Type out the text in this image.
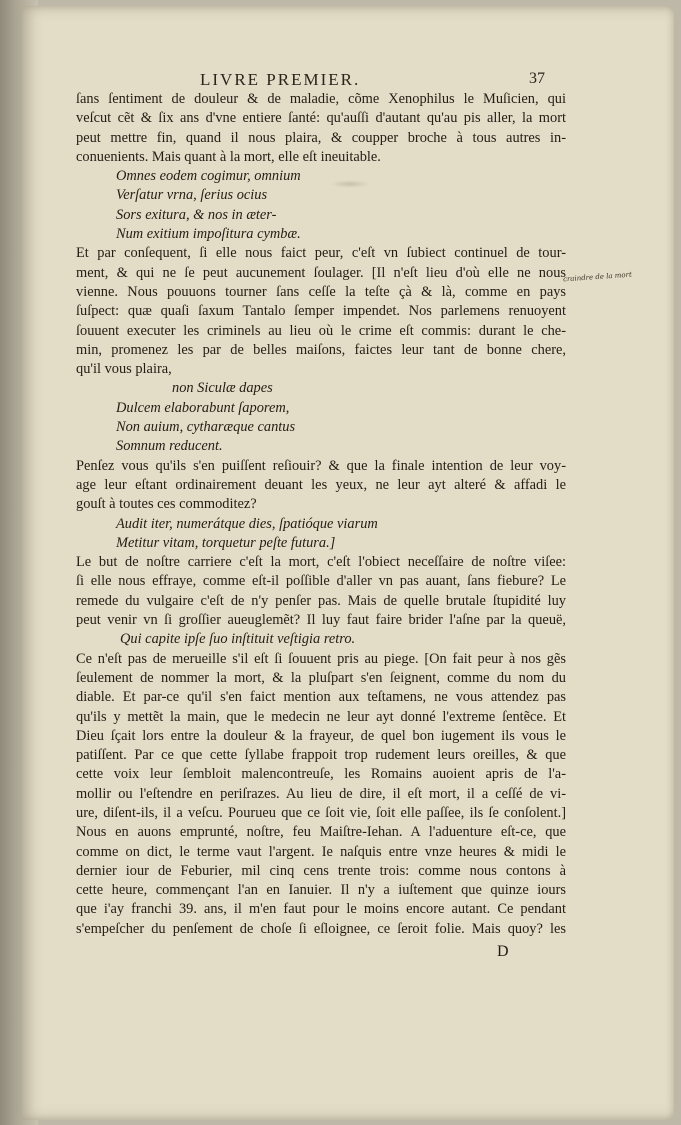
LIVRE PREMIER.	37
ſans ſentiment de douleur & de maladie, cõme Xenophilus le Muſicien, qui
veſcut cẽt & ſix ans d'vne entiere ſanté: qu'auſſi d'autant qu'au pis aller, la mort
peut mettre fin, quand il nous plaira, & coupper broche à tous autres in-
conuenients. Mais quant à la mort, elle eſt ineuitable.
Omnes eodem cogimur, omnium
Verſatur vrna, ſerius ocius
Sors exitura, & nos in æter-
Num exitium impoſitura cymbæ.
Et par conſequent, ſi elle nous faict peur, c'eſt vn ſubiect continuel de tour-
ment, & qui ne ſe peut aucunement ſoulager. [Il n'eſt lieu d'où elle ne nous
vienne. Nous pouuons tourner ſans ceſſe la teſte çà & là, comme en pays
ſuſpect: quæ quaſi ſaxum Tantalo ſemper impendet. Nos parlemens renuoyent
ſouuent executer les criminels au lieu où le crime eſt commis: durant le che-
min, promenez les par de belles maiſons, faictes leur tant de bonne chere,
qu'il vous plaira,
non Siculæ dapes
Dulcem elaborabunt ſaporem,
Non auium, cytharæque cantus
Somnum reducent.
Penſez vous qu'ils s'en puiſſent reſiouir? & que la finale intention de leur voy-
age leur eſtant ordinairement deuant les yeux, ne leur ayt alteré & affadi le
gouſt à toutes ces commoditez?
Audit iter, numerátque dies, ſpatióque viarum
Metitur vitam, torquetur peſte futura.]
Le but de noſtre carriere c'eſt la mort, c'eſt l'obiect neceſſaire de noſtre viſee:
ſi elle nous effraye, comme eſt-il poſſible d'aller vn pas auant, ſans fiebure? Le
remede du vulgaire c'eſt de n'y penſer pas. Mais de quelle brutale ſtupidité luy
peut venir vn ſi groſſier aueuglemẽt? Il luy faut faire brider l'aſne par la queuë,
Qui capite ipſe ſuo inſtituit veſtigia retro.
Ce n'eſt pas de merueille s'il eſt ſi ſouuent pris au piege. [On fait peur à nos gẽs
ſeulement de nommer la mort, & la pluſpart s'en ſeignent, comme du nom du
diable. Et par-ce qu'il s'en faict mention aux teſtamens, ne vous attendez pas
qu'ils y mettẽt la main, que le medecin ne leur ayt donné l'extreme ſentẽce. Et
Dieu ſçait lors entre la douleur & la frayeur, de quel bon iugement ils vous le
patiſſent. Par ce que cette ſyllabe frappoit trop rudement leurs oreilles, & que
cette voix leur ſembloit malencontreuſe, les Romains auoient apris de l'a-
mollir ou l'eſtendre en periſrazes. Au lieu de dire, il eſt mort, il a ceſſé de vi-
ure, diſent-ils, il a veſcu. Pourueu que ce ſoit vie, ſoit elle paſſee, ils ſe conſolent.]
Nous en auons emprunté, noſtre, feu Maiſtre-Iehan. A l'aduenture eſt-ce, que
comme on dict, le terme vaut l'argent. Ie naſquis entre vnze heures & midi le
dernier iour de Feburier, mil cinq cens trente trois: comme nous contons à
cette heure, commençant l'an en Ianuier. Il n'y a iuſtement que quinze iours
que i'ay franchi 39. ans, il m'en faut pour le moins encore autant. Ce pendant
s'empeſcher du penſement de choſe ſi eſloignee, ce ſeroit folie. Mais quoy? les
craindre de la mort
D
